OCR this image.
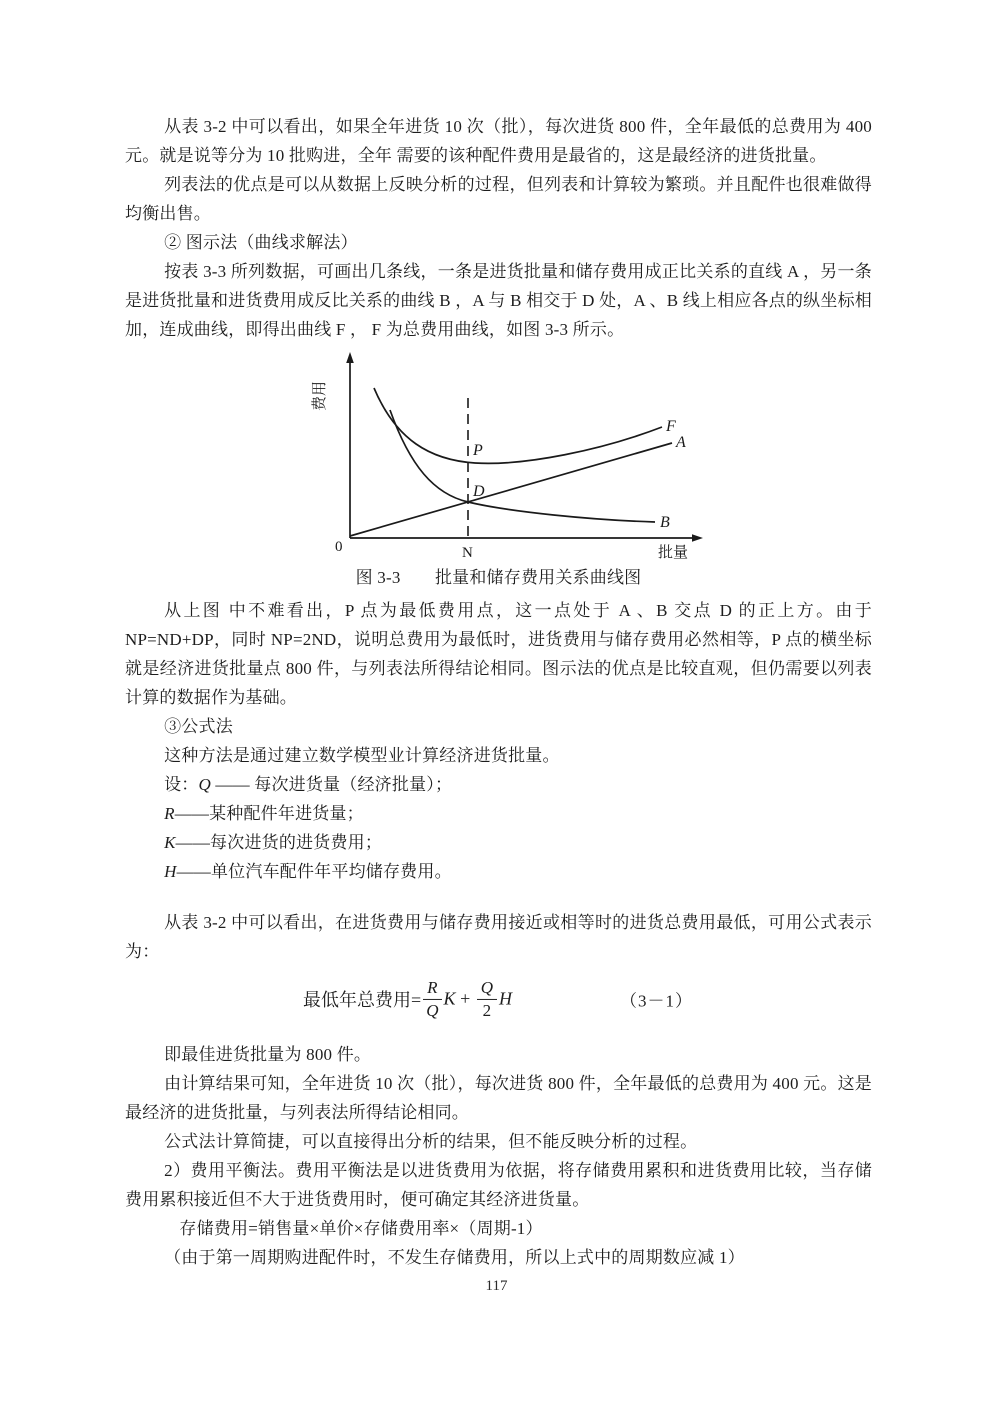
从表 3-2 中可以看出，如果全年进货 10 次（批），每次进货 800 件，全年最低的总费用为 400 元。就是说等分为 10 批购进，全年 需要的该种配件费用是最省的，这是最经济的进货批量。

列表法的优点是可以从数据上反映分析的过程，但列表和计算较为繁琐。并且配件也很难做得均衡出售。

② 图示法（曲线求解法）

按表 3-3 所列数据，可画出几条线，一条是进货批量和储存费用成正比关系的直线 A ，另一条是进货批量和进货费用成反比关系的曲线 B ，A 与 B 相交于 D 处，A 、B 线上相应各点的纵坐标相加，连成曲线，即得出曲线 F ， F 为总费用曲线，如图 3-3 所示。

费用
批量
0	N
P
D
F
A
B

图 3-3　　批量和储存费用关系曲线图

从上图 中不难看出，P 点为最低费用点，这一点处于 A 、B 交点 D 的正上方。由于NP=ND+DP，同时 NP=2ND，说明总费用为最低时，进货费用与储存费用必然相等，P 点的横坐标就是经济进货批量点 800 件，与列表法所得结论相同。图示法的优点是比较直观，但仍需要以列表计算的数据作为基础。

③公式法

这种方法是通过建立数学模型业计算经济进货批量。

设：Q —— 每次进货量（经济批量）；

R——某种配件年进货量；

K——每次进货的进货费用；

H——单位汽车配件年平均储存费用。

从表 3-2 中可以看出，在进货费用与储存费用接近或相等时的进货总费用最低，可用公式表示为：

最低年总费用= $\frac{R}{Q}$ $K + \frac{Q}{2}$ H	（3－1）

即最佳进货批量为 800 件。

由计算结果可知，全年进货 10 次（批），每次进货 800 件，全年最低的总费用为 400 元。这是最经济的进货批量，与列表法所得结论相同。

公式法计算简捷，可以直接得出分析的结果，但不能反映分析的过程。

2）费用平衡法。费用平衡法是以进货费用为依据，将存储费用累积和进货费用比较，当存储费用累积接近但不大于进货费用时，便可确定其经济进货量。

存储费用=销售量×单价×存储费用率×（周期-1）

（由于第一周期购进配件时，不发生存储费用，所以上式中的周期数应减 1）

117
